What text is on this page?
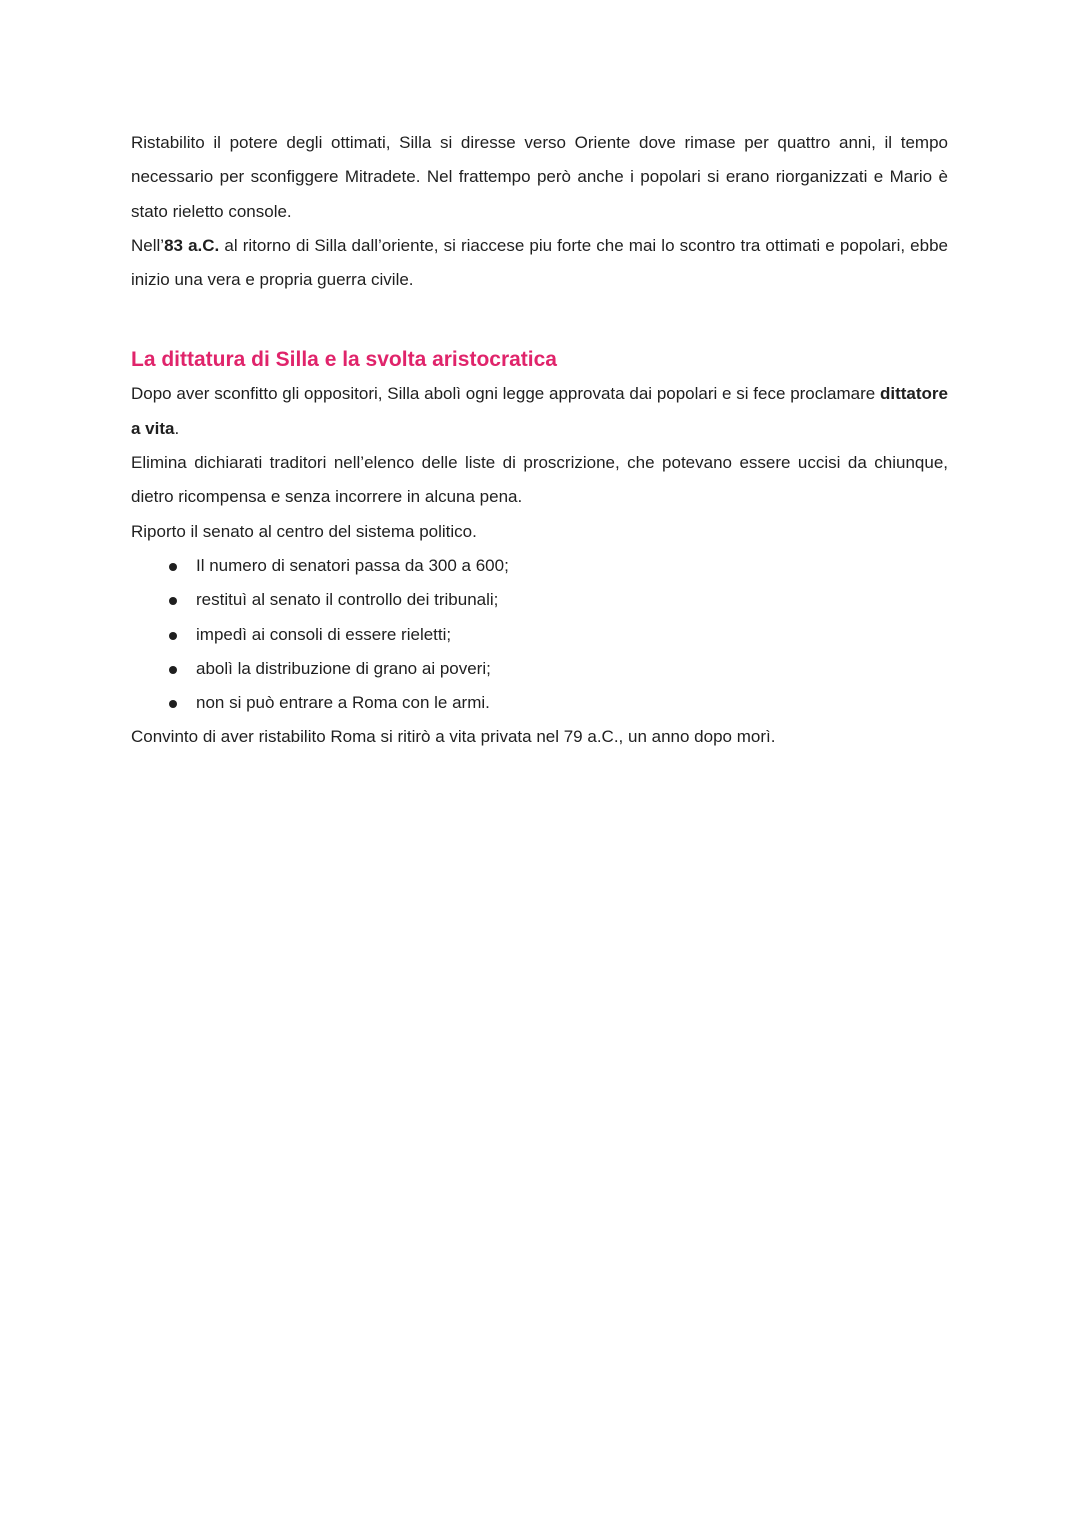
Ristabilito il potere degli ottimati, Silla si diresse verso Oriente dove rimase per quattro anni, il tempo necessario per sconfiggere Mitradete. Nel frattempo però anche i popolari si erano riorganizzati e Mario è stato rieletto console.

Nell’83 a.C. al ritorno di Silla dall’oriente, si riaccese piu forte che mai lo scontro tra ottimati e popolari, ebbe inizio una vera e propria guerra civile.

La dittatura di Silla e la svolta aristocratica

Dopo aver sconfitto gli oppositori, Silla abolì ogni legge approvata dai popolari e si fece proclamare dittatore a vita.

Elimina dichiarati traditori nell’elenco delle liste di proscrizione, che potevano essere uccisi da chiunque, dietro ricompensa e senza incorrere in alcuna pena.

Riporto il senato al centro del sistema politico.

Il numero di senatori passa da 300 a 600;
restituì al senato il controllo dei tribunali;
impedì ai consoli di essere rieletti;
abolì la distribuzione di grano ai poveri;
non si può entrare a Roma con le armi.

Convinto di aver ristabilito Roma si ritirò a vita privata nel 79 a.C., un anno dopo morì.
